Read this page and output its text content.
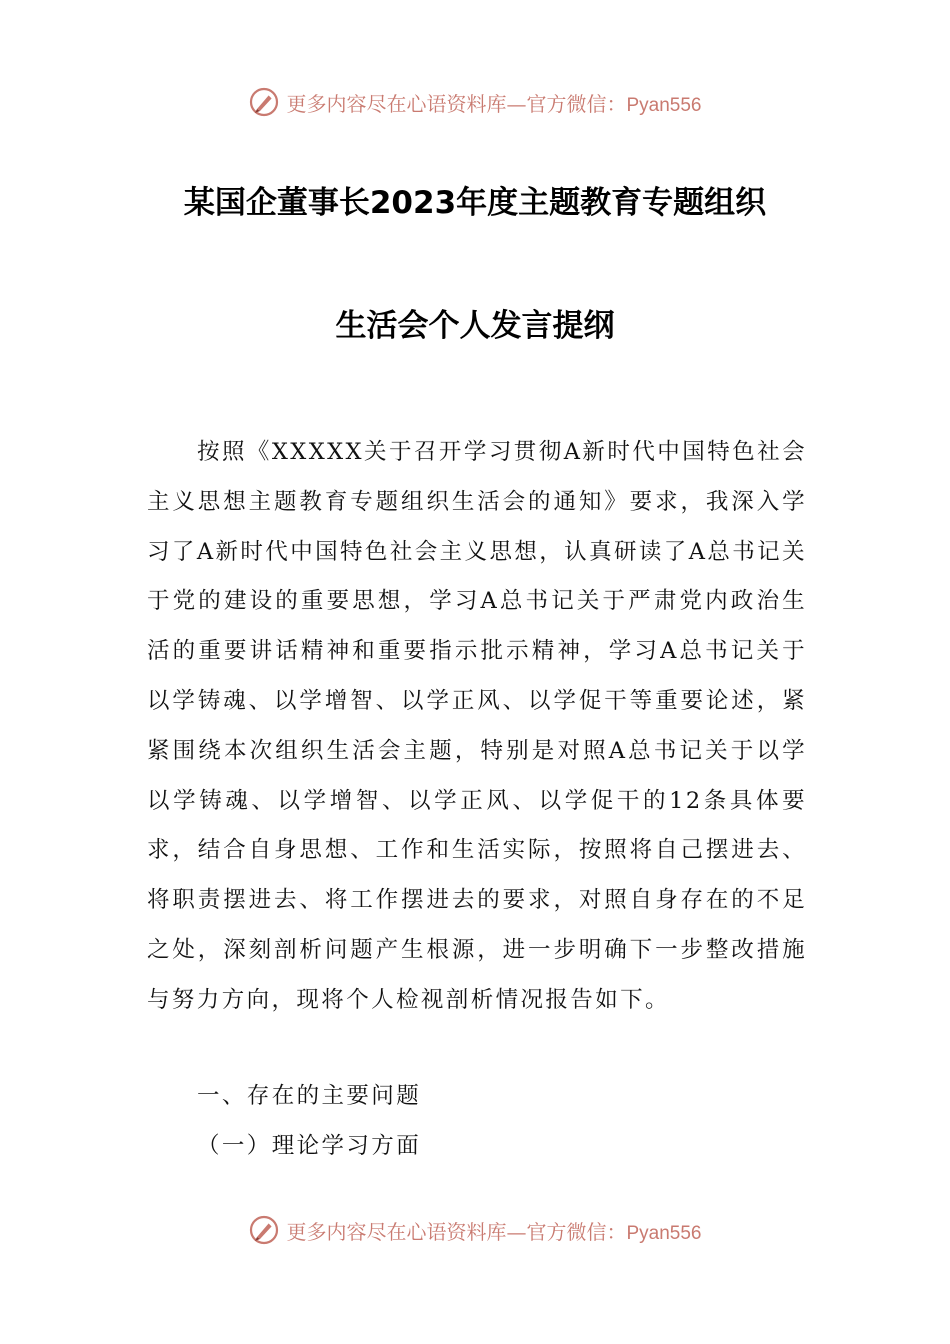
更多内容尽在心语资料库—官方微信：Pyan556
某国企董事长2023年度主题教育专题组织
生活会个人发言提纲

按照《XXXXX关于召开学习贯彻A新时代中国特色社会主义思想主题教育专题组织生活会的通知》要求，我深入学习了A新时代中国特色社会主义思想，认真研读了A总书记关于党的建设的重要思想，学习A总书记关于严肃党内政治生活的重要讲话精神和重要指示批示精神，学习A总书记关于以学铸魂、以学增智、以学正风、以学促干等重要论述，紧紧围绕本次组织生活会主题，特别是对照A总书记关于以学以学铸魂、以学增智、以学正风、以学促干的12条具体要求，结合自身思想、工作和生活实际，按照将自己摆进去、将职责摆进去、将工作摆进去的要求，对照自身存在的不足之处，深刻剖析问题产生根源，进一步明确下一步整改措施与努力方向，现将个人检视剖析情况报告如下。

一、存在的主要问题

（一）理论学习方面

更多内容尽在心语资料库—官方微信：Pyan556
